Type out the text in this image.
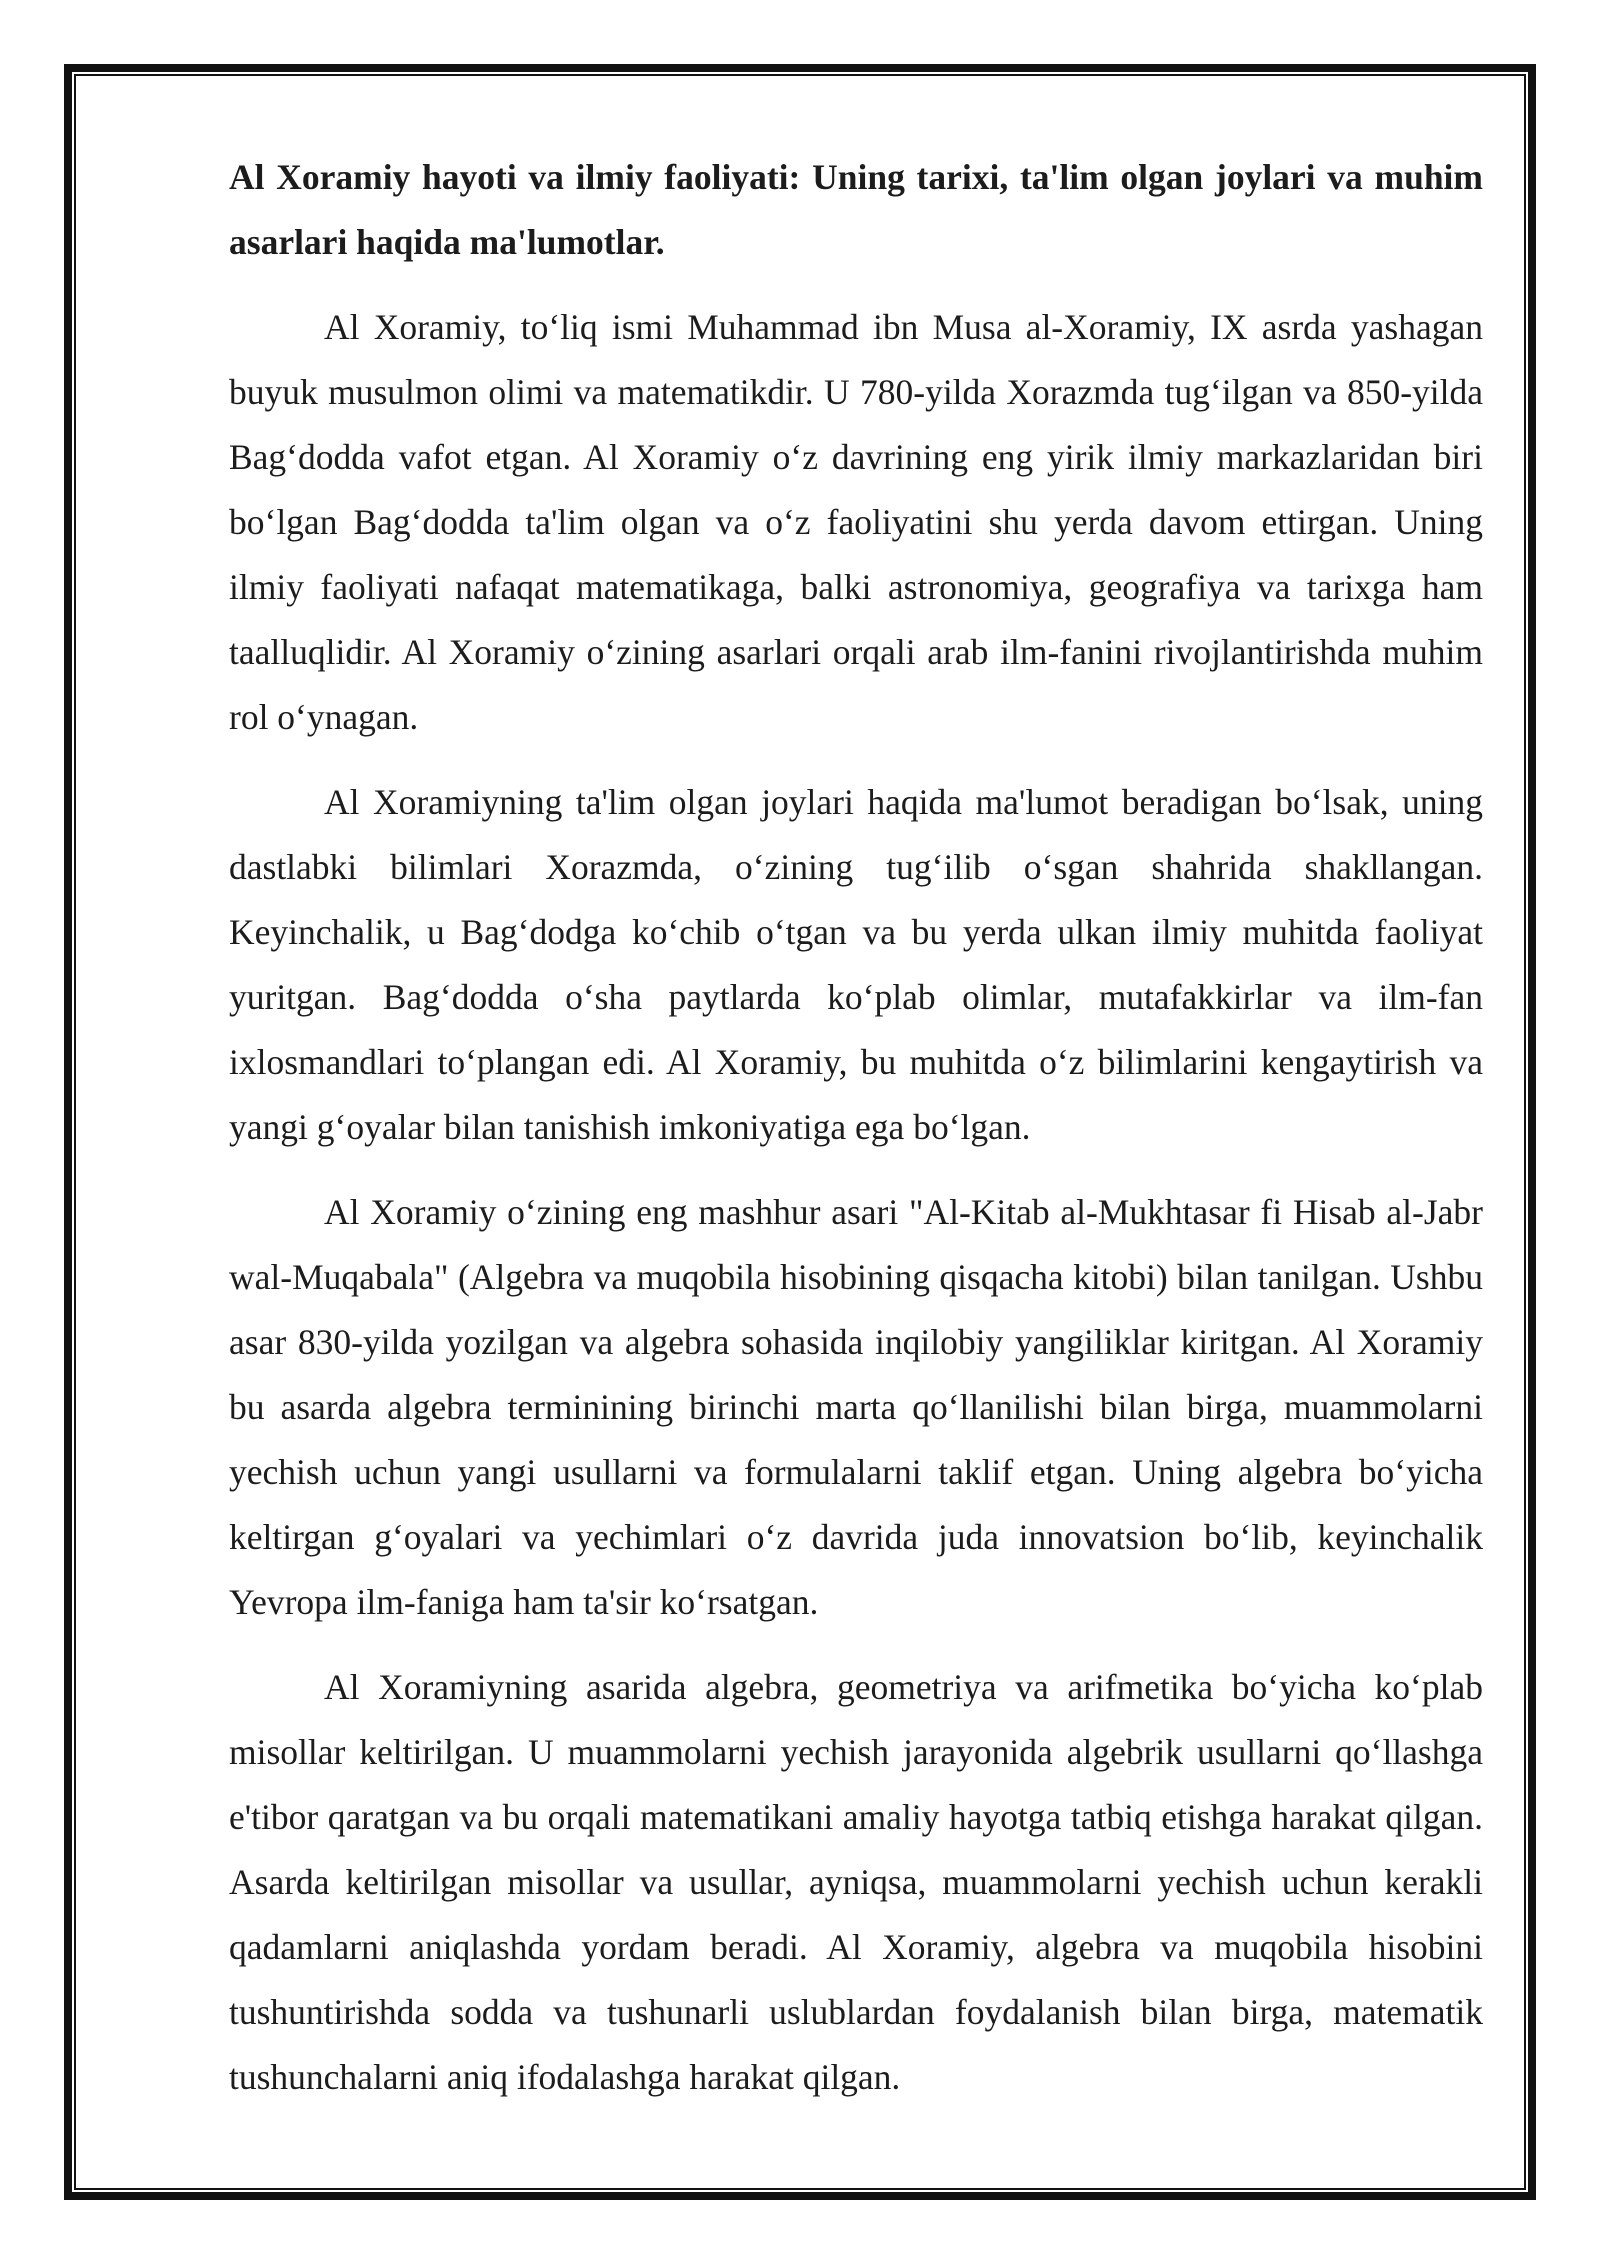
Al Xoramiy hayoti va ilmiy faoliyati: Uning tarixi, ta'lim olgan joylari va muhim asarlari haqida ma'lumotlar.

Al Xoramiy, to‘liq ismi Muhammad ibn Musa al-Xoramiy, IX asrda yashagan buyuk musulmon olimi va matematikdir. U 780-yilda Xorazmda tug‘ilgan va 850-yilda Bag‘dodda vafot etgan. Al Xoramiy o‘z davrining eng yirik ilmiy markazlaridan biri bo‘lgan Bag‘dodda ta'lim olgan va o‘z faoliyatini shu yerda davom ettirgan. Uning ilmiy faoliyati nafaqat matematikaga, balki astronomiya, geografiya va tarixga ham taalluqlidir. Al Xoramiy o‘zining asarlari orqali arab ilm-fanini rivojlantirishda muhim rol o‘ynagan.

Al Xoramiyning ta'lim olgan joylari haqida ma'lumot beradigan bo‘lsak, uning dastlabki bilimlari Xorazmda, o‘zining tug‘ilib o‘sgan shahrida shakllangan. Keyinchalik, u Bag‘dodga ko‘chib o‘tgan va bu yerda ulkan ilmiy muhitda faoliyat yuritgan. Bag‘dodda o‘sha paytlarda ko‘plab olimlar, mutafakkirlar va ilm-fan ixlosmandlari to‘plangan edi. Al Xoramiy, bu muhitda o‘z bilimlarini kengaytirish va yangi g‘oyalar bilan tanishish imkoniyatiga ega bo‘lgan.

Al Xoramiy o‘zining eng mashhur asari "Al-Kitab al-Mukhtasar fi Hisab al-Jabr wal-Muqabala" (Algebra va muqobila hisobining qisqacha kitobi) bilan tanilgan. Ushbu asar 830-yilda yozilgan va algebra sohasida inqilobiy yangiliklar kiritgan. Al Xoramiy bu asarda algebra terminining birinchi marta qo‘llanilishi bilan birga, muammolarni yechish uchun yangi usullarni va formulalarni taklif etgan. Uning algebra bo‘yicha keltirgan g‘oyalari va yechimlari o‘z davrida juda innovatsion bo‘lib, keyinchalik Yevropa ilm-faniga ham ta'sir ko‘rsatgan.

Al Xoramiyning asarida algebra, geometriya va arifmetika bo‘yicha ko‘plab misollar keltirilgan. U muammolarni yechish jarayonida algebrik usullarni qo‘llashga e'tibor qaratgan va bu orqali matematikani amaliy hayotga tatbiq etishga harakat qilgan. Asarda keltirilgan misollar va usullar, ayniqsa, muammolarni yechish uchun kerakli qadamlarni aniqlashda yordam beradi. Al Xoramiy, algebra va muqobila hisobini tushuntirishda sodda va tushunarli uslublardan foydalanish bilan birga, matematik tushunchalarni aniq ifodalashga harakat qilgan.
